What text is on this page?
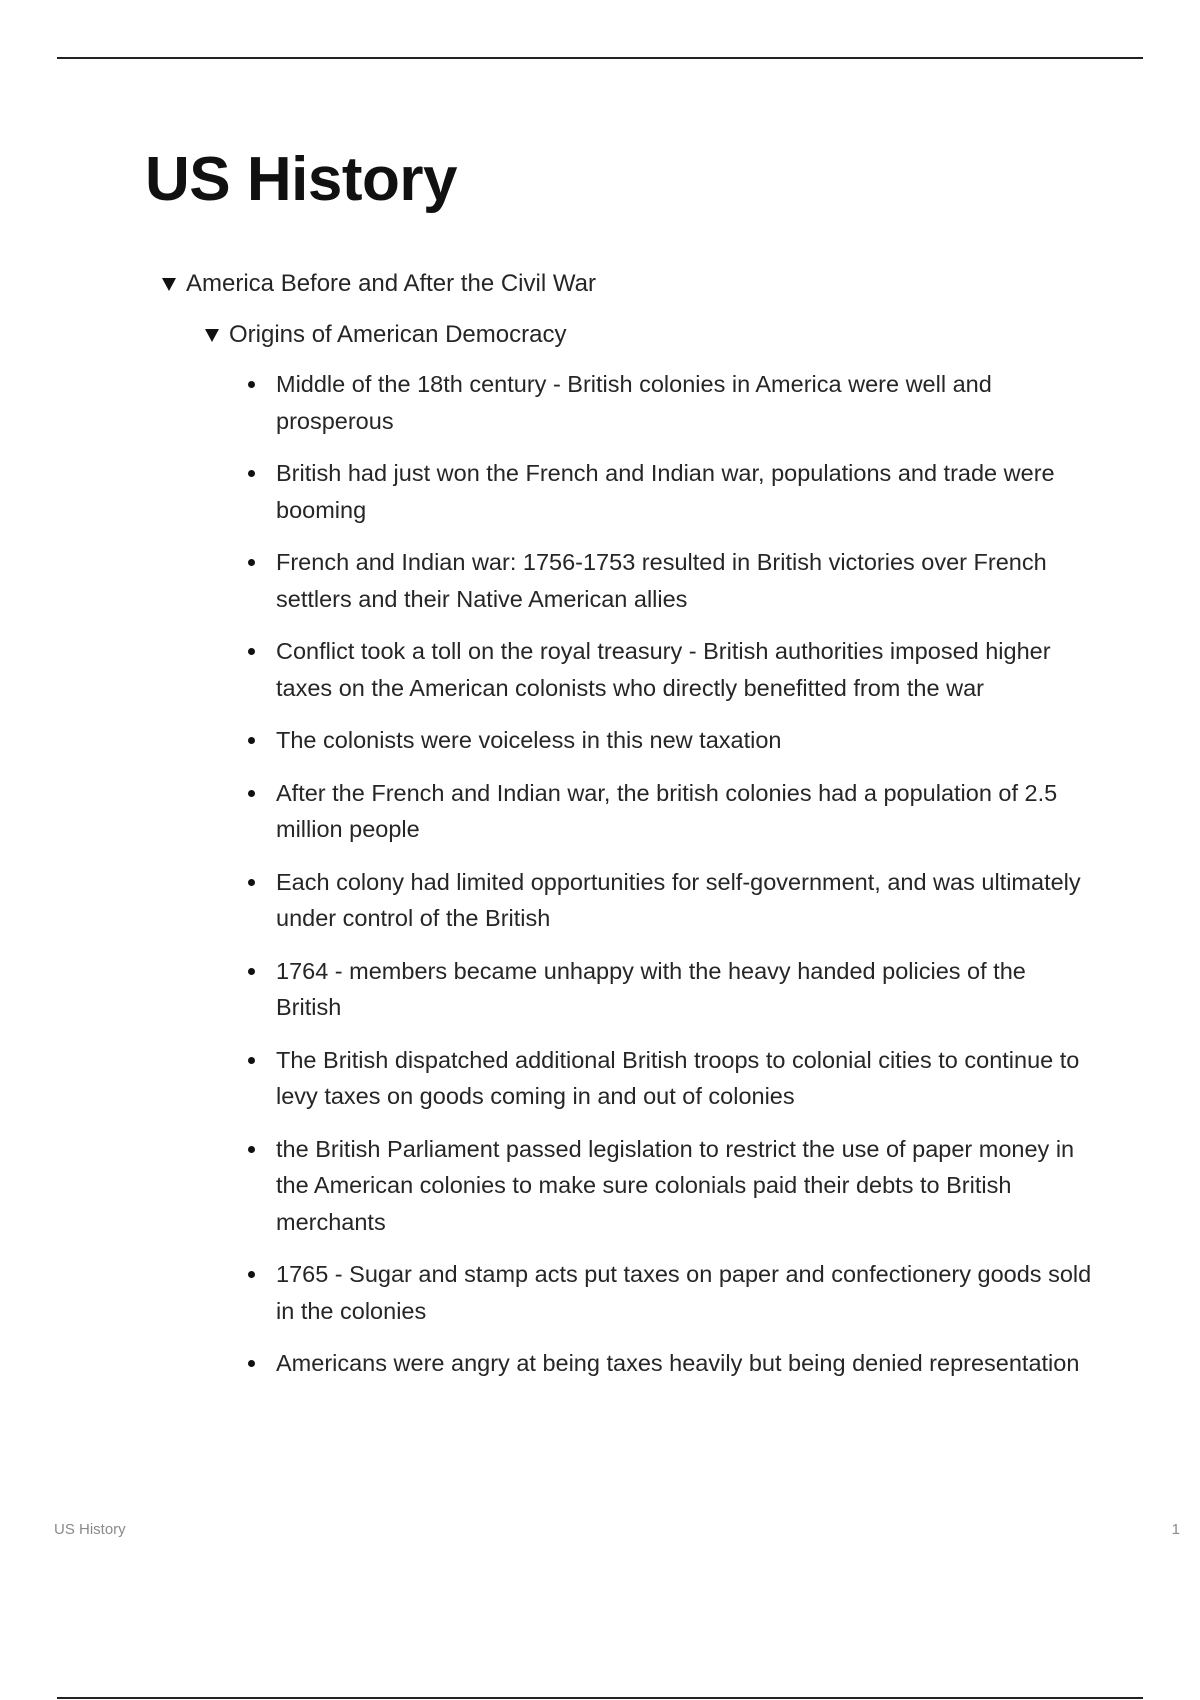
US History
America Before and After the Civil War
Origins of American Democracy
Middle of the 18th century - British colonies in America were well and prosperous
British had just won the French and Indian war, populations and trade were booming
French and Indian war: 1756-1753 resulted in British victories over French settlers and their Native American allies
Conflict took a toll on the royal treasury - British authorities imposed higher taxes on the American colonists who directly benefitted from the war
The colonists were voiceless in this new taxation
After the French and Indian war, the british colonies had a population of 2.5 million people
Each colony had limited opportunities for self-government, and was ultimately under control of the British
1764 - members became unhappy with the heavy handed policies of the British
The British dispatched additional British troops to colonial cities to continue to levy taxes on goods coming in and out of colonies
the British Parliament passed legislation to restrict the use of paper money in the American colonies to make sure colonials paid their debts to British merchants
1765 - Sugar and stamp acts put taxes on paper and confectionery goods sold in the colonies
Americans were angry at being taxes heavily but being denied representation
US History	1
